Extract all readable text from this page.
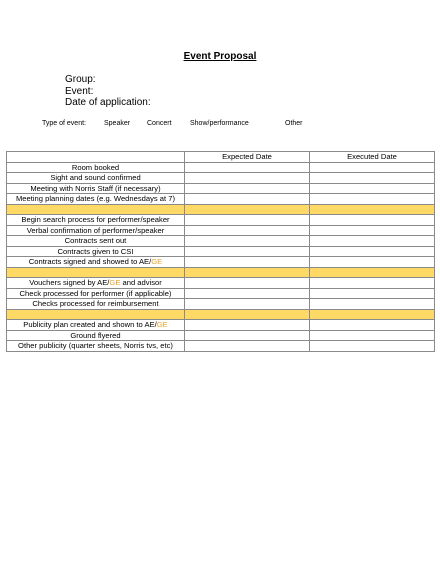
Event Proposal
Group:
Event:
Date of application:
Type of event:	Speaker Concert	Show/performance	Other
	Expected Date	Executed Date
Room booked		
Sight and sound confirmed		
Meeting with Norris Staff (if necessary)		
Meeting planning dates (e.g. Wednesdays at 7)		

Begin search process for performer/speaker		
Verbal confirmation of performer/speaker		
Contracts sent out		
Contracts given to CSI		
Contracts signed and showed to AE/GE		

Vouchers signed by AE/GE and advisor		
Check processed for performer (if applicable)		
Checks processed for reimbursement		

Publicity plan created and shown to AE/GE		
Ground flyered		
Other publicity (quarter sheets, Norris tvs, etc)		
